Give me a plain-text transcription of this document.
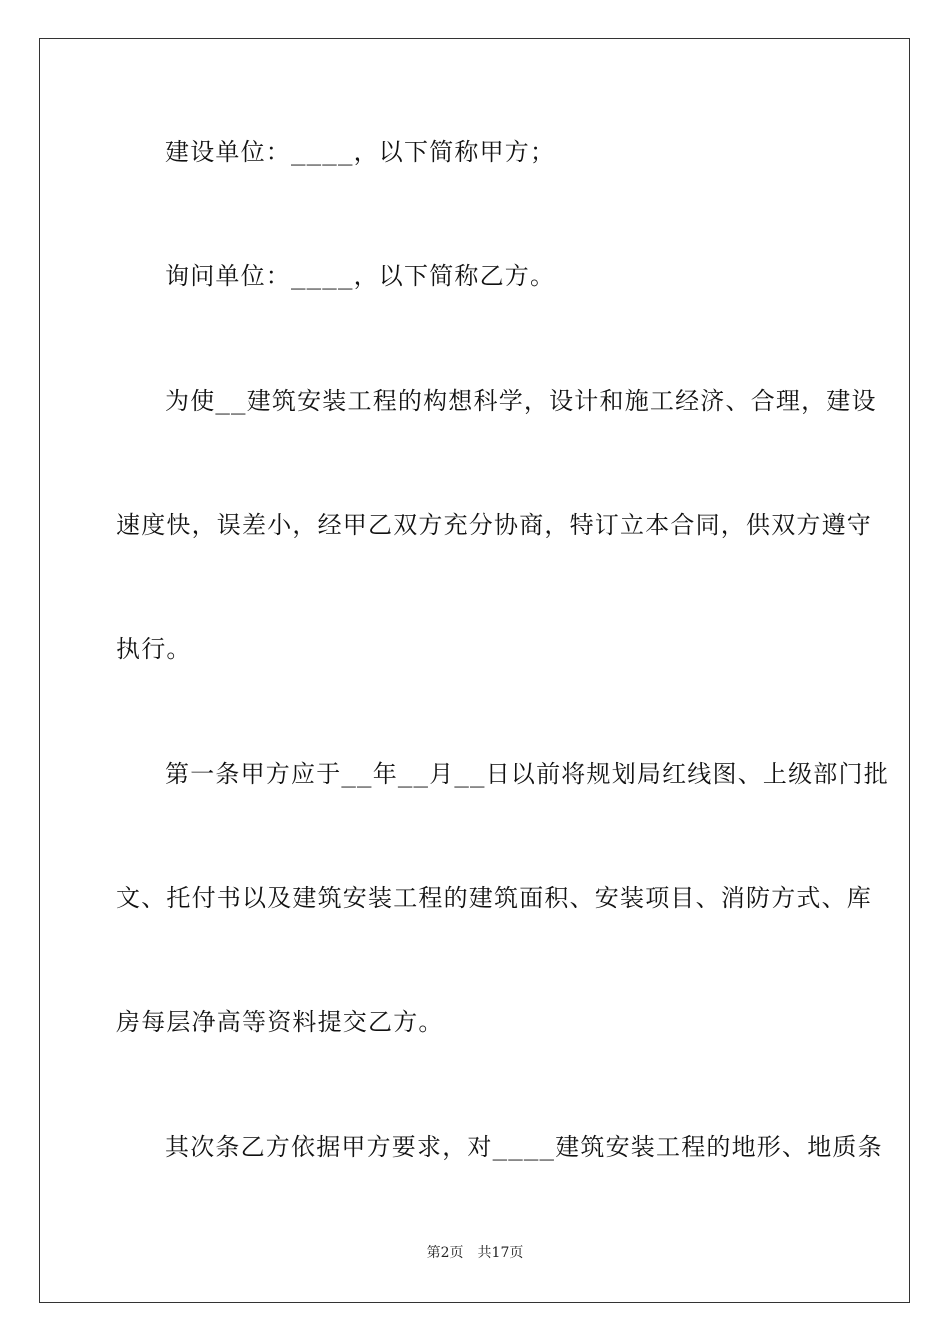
建设单位：____，以下简称甲方；
询问单位：____，以下简称乙方。
为使__建筑安装工程的构想科学，设计和施工经济、合理，建设
速度快，误差小，经甲乙双方充分协商，特订立本合同，供双方遵守
执行。
第一条甲方应于__年__月__日以前将规划局红线图、上级部门批
文、托付书以及建筑安装工程的建筑面积、安装项目、消防方式、库
房每层净高等资料提交乙方。
其次条乙方依据甲方要求，对____建筑安装工程的地形、地质条
第2页 共17页
